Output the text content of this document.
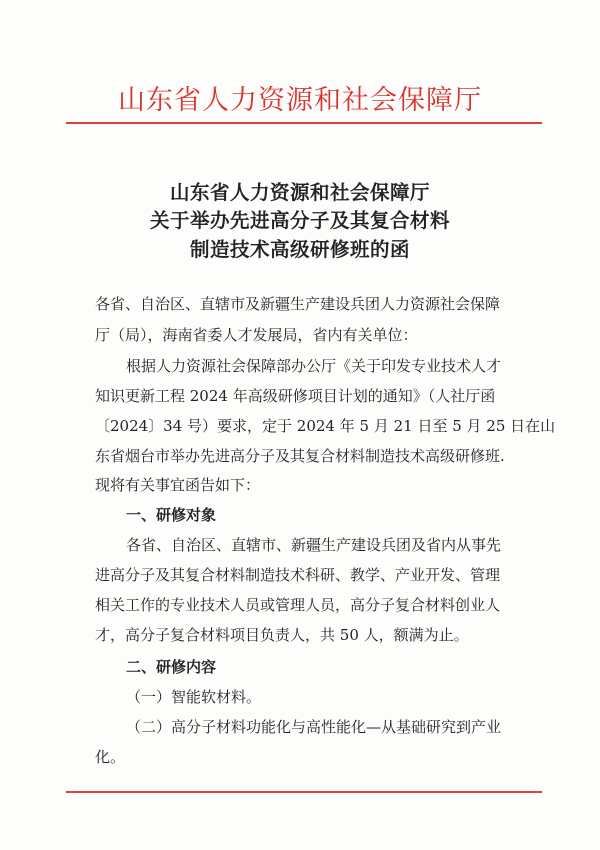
山东省人力资源和社会保障厅
山东省人力资源和社会保障厅
关于举办先进高分子及其复合材料
制造技术高级研修班的函
各省、自治区、直辖市及新疆生产建设兵团人力资源社会保障
厅（局），海南省委人才发展局，省内有关单位：
根据人力资源社会保障部办公厅《关于印发专业技术人才
知识更新工程 2024 年高级研修项目计划的通知》（人社厅函
〔2024〕34 号）要求，定于 2024 年 5 月 21 日至 5 月 25 日在山
东省烟台市举办先进高分子及其复合材料制造技术高级研修班.
现将有关事宜函告如下：
一、研修对象
各省、自治区、直辖市、新疆生产建设兵团及省内从事先
进高分子及其复合材料制造技术科研、教学、产业开发、管理
相关工作的专业技术人员或管理人员，高分子复合材料创业人
才，高分子复合材料项目负责人，共 50 人，额满为止。
二、研修内容
（一）智能软材料。
（二）高分子材料功能化与高性能化—从基础研究到产业
化。
